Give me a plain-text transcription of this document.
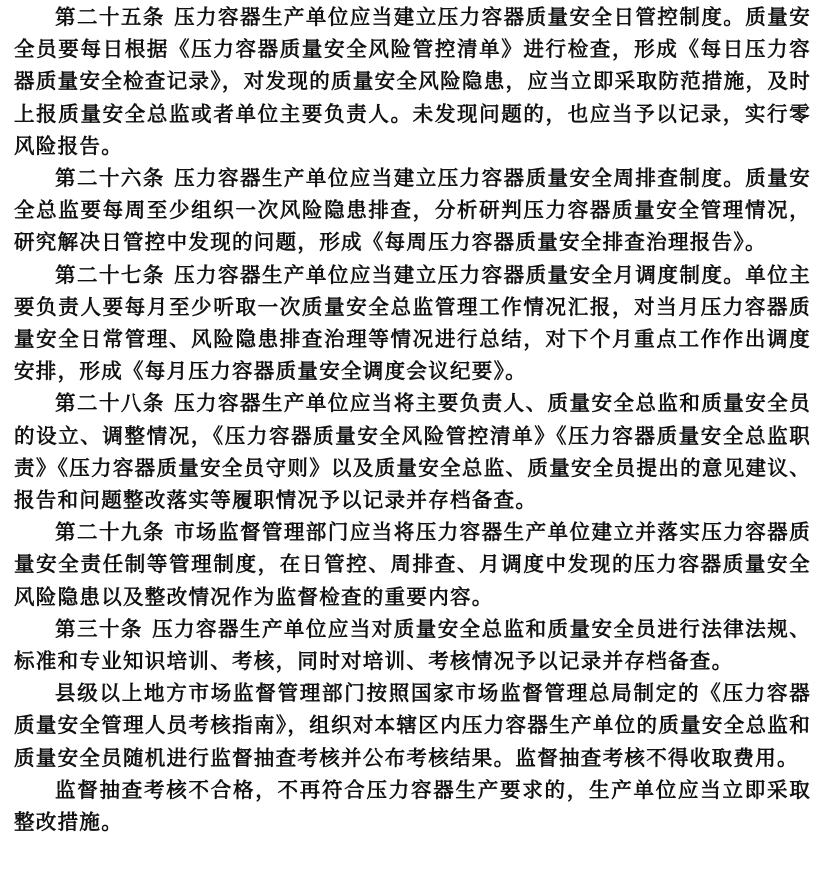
第二十五条 压力容器生产单位应当建立压力容器质量安全日管控制度。质量安全员要每日根据《压力容器质量安全风险管控清单》进行检查，形成《每日压力容器质量安全检查记录》，对发现的质量安全风险隐患，应当立即采取防范措施，及时上报质量安全总监或者单位主要负责人。未发现问题的，也应当予以记录，实行零风险报告。

第二十六条 压力容器生产单位应当建立压力容器质量安全周排查制度。质量安全总监要每周至少组织一次风险隐患排查，分析研判压力容器质量安全管理情况，研究解决日管控中发现的问题，形成《每周压力容器质量安全排查治理报告》。

第二十七条 压力容器生产单位应当建立压力容器质量安全月调度制度。单位主要负责人要每月至少听取一次质量安全总监管理工作情况汇报，对当月压力容器质量安全日常管理、风险隐患排查治理等情况进行总结，对下个月重点工作作出调度安排，形成《每月压力容器质量安全调度会议纪要》。

第二十八条 压力容器生产单位应当将主要负责人、质量安全总监和质量安全员的设立、调整情况，《压力容器质量安全风险管控清单》《压力容器质量安全总监职责》《压力容器质量安全员守则》以及质量安全总监、质量安全员提出的意见建议、报告和问题整改落实等履职情况予以记录并存档备查。

第二十九条 市场监督管理部门应当将压力容器生产单位建立并落实压力容器质量安全责任制等管理制度，在日管控、周排查、月调度中发现的压力容器质量安全风险隐患以及整改情况作为监督检查的重要内容。

第三十条 压力容器生产单位应当对质量安全总监和质量安全员进行法律法规、标准和专业知识培训、考核，同时对培训、考核情况予以记录并存档备查。

县级以上地方市场监督管理部门按照国家市场监督管理总局制定的《压力容器质量安全管理人员考核指南》，组织对本辖区内压力容器生产单位的质量安全总监和质量安全员随机进行监督抽查考核并公布考核结果。监督抽查考核不得收取费用。

监督抽查考核不合格，不再符合压力容器生产要求的，生产单位应当立即采取整改措施。
